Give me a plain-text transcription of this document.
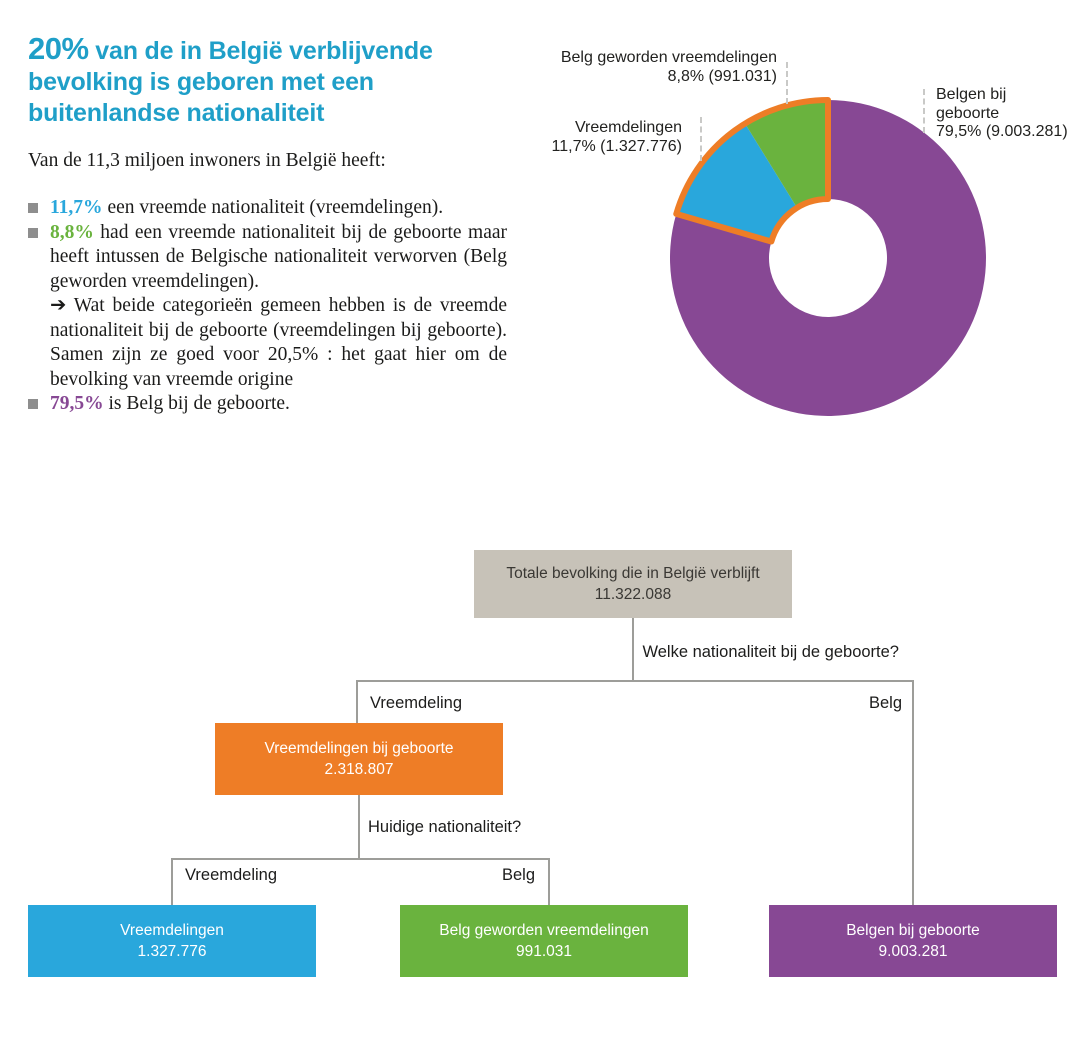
20% van de in België verblijvende
bevolking is geboren met een
buitenlandse nationaliteit
Van de 11,3 miljoen inwoners in België heeft:
11,7% een vreemde nationaliteit (vreemdelingen).
8,8% had een vreemde nationaliteit bij de geboorte maar heeft intussen de Belgische nationaliteit verworven (Belg geworden vreemdelingen).
➔ Wat beide categorieën gemeen hebben is de vreemde nationaliteit bij de geboorte (vreemdelingen bij geboorte). Samen zijn ze goed voor 20,5% : het gaat hier om de bevolking van vreemde origine
79,5% is Belg bij de geboorte.
Belg geworden vreemdelingen
8,8% (991.031)
Vreemdelingen
11,7% (1.327.776)
Belgen bij geboorte
79,5% (9.003.281)
Welke nationaliteit bij de geboorte?
Vreemdeling	Belg
Huidige nationaliteit?
Vreemdeling	Belg
Totale bevolking die in België verblijft
11.322.088
Vreemdelingen bij geboorte
2.318.807
Vreemdelingen
1.327.776
Belg geworden vreemdelingen
991.031
Belgen bij geboorte
9.003.281
